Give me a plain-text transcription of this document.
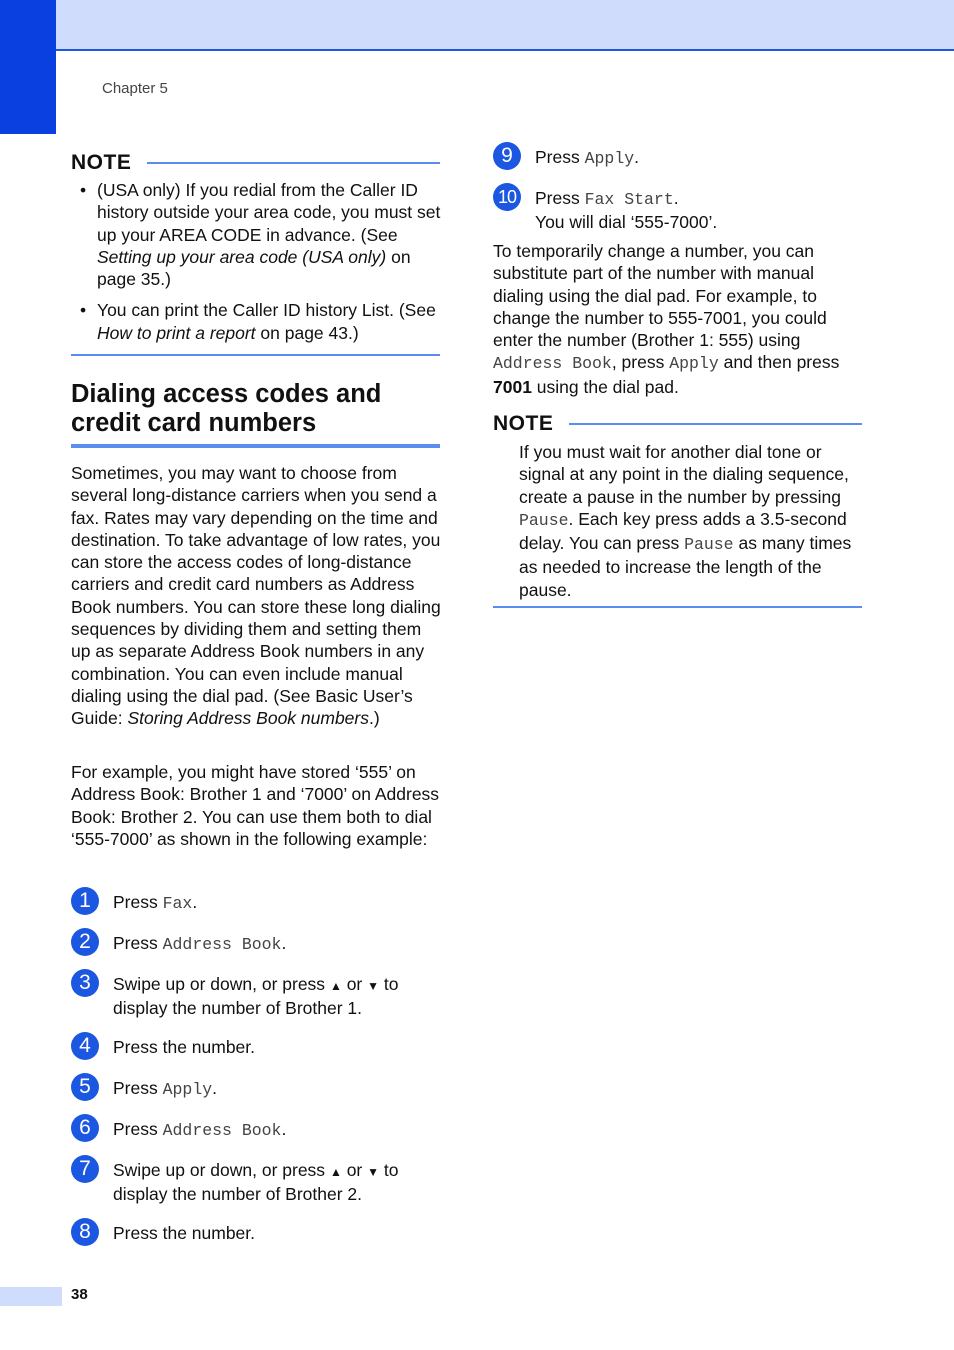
Chapter 5
NOTE
• (USA only) If you redial from the Caller ID history outside your area code, you must set up your AREA CODE in advance. (See Setting up your area code (USA only) on page 35.)
• You can print the Caller ID history List. (See How to print a report on page 43.)
Dialing access codes and credit card numbers

Sometimes, you may want to choose from several long-distance carriers when you send a fax. Rates may vary depending on the time and destination. To take advantage of low rates, you can store the access codes of long-distance carriers and credit card numbers as Address Book numbers. You can store these long dialing sequences by dividing them and setting them up as separate Address Book numbers in any combination. You can even include manual dialing using the dial pad. (See Basic User’s Guide: Storing Address Book numbers.)

For example, you might have stored ‘555’ on Address Book: Brother 1 and ‘7000’ on Address Book: Brother 2. You can use them both to dial ‘555-7000’ as shown in the following example:

1	Press Fax.
2	Press Address Book.
3	Swipe up or down, or press ▲ or ▼ to display the number of Brother 1.
4	Press the number.
5	Press Apply.
6	Press Address Book.
7	Swipe up or down, or press ▲ or ▼ to display the number of Brother 2.
8	Press the number.
9	Press Apply.
10 Press Fax Start.
You will dial ‘555-7000’.

To temporarily change a number, you can substitute part of the number with manual dialing using the dial pad. For example, to change the number to 555-7001, you could enter the number (Brother 1: 555) using Address Book, press Apply and then press 7001 using the dial pad.

NOTE

If you must wait for another dial tone or signal at any point in the dialing sequence, create a pause in the number by pressing Pause. Each key press adds a 3.5-second delay. You can press Pause as many times as needed to increase the length of the pause.

38
